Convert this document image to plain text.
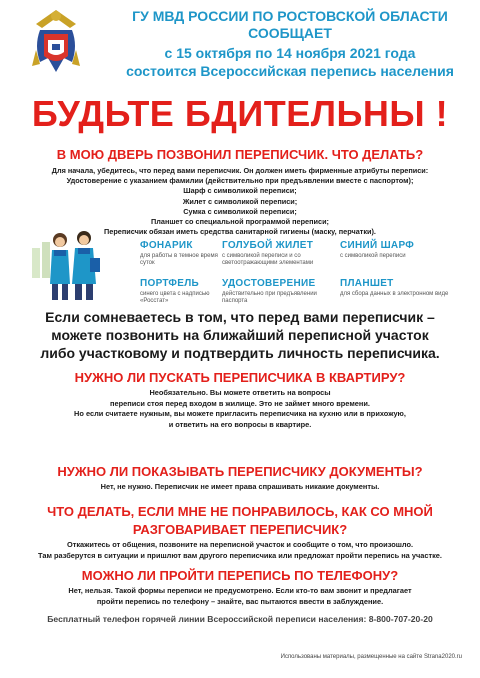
ГУ МВД РОССИИ ПО РОСТОВСКОЙ ОБЛАСТИ
СООБЩАЕТ
с 15 октября по 14 ноября 2021 года
состоится Всероссийская перепись населения
БУДЬТЕ БДИТЕЛЬНЫ !
В МОЮ ДВЕРЬ ПОЗВОНИЛ ПЕРЕПИСЧИК. ЧТО ДЕЛАТЬ?
Для начала, убедитесь, что перед вами переписчик. Он должен иметь фирменные атрибуты переписи:
Удостоверение с указанием фамилии (действительно при предъявлении вместе с паспортом);
Шарф с символикой переписи;
Жилет с символикой переписи;
Сумка с символикой переписи;
Планшет со специальной программой переписи;
Переписчик обязан иметь средства санитарной гигиены (маску, перчатки).
ФОНАРИК
для работы в темное время суток
ГОЛУБОЙ ЖИЛЕТ
с символикой переписи и со светоотражающими элементами
СИНИЙ ШАРФ
с символикой переписи
ПОРТФЕЛЬ
синего цвета с надписью «Росстат»
УДОСТОВЕРЕНИЕ
действительно при предъявлении паспорта
ПЛАНШЕТ
для сбора данных в электронном виде
Если сомневаетесь в том, что перед вами переписчик –
можете позвонить на ближайший переписной участок
либо участковому и подтвердить личность переписчика.
НУЖНО ЛИ ПУСКАТЬ ПЕРЕПИСЧИКА В КВАРТИРУ?
Необязательно. Вы можете ответить на вопросы
переписи стоя перед входом в жилище. Это не займет много времени.
Но если считаете нужным, вы можете пригласить переписчика на кухню или в прихожую,
и ответить на его вопросы в квартире.
НУЖНО ЛИ ПОКАЗЫВАТЬ ПЕРЕПИСЧИКУ ДОКУМЕНТЫ?
Нет, не нужно. Переписчик не имеет права спрашивать никакие документы.
ЧТО ДЕЛАТЬ, ЕСЛИ МНЕ НЕ ПОНРАВИЛОСЬ, КАК СО МНОЙ
РАЗГОВАРИВАЕТ ПЕРЕПИСЧИК?
Откажитесь от общения, позвоните на переписной участок и сообщите о том, что произошло.
Там разберутся в ситуации и пришлют вам другого переписчика или предложат пройти перепись на участке.
МОЖНО ЛИ ПРОЙТИ ПЕРЕПИСЬ ПО ТЕЛЕФОНУ?
Нет, нельзя. Такой формы переписи не предусмотрено. Если кто-то вам звонит и предлагает
пройти перепись по телефону – знайте, вас пытаются ввести в заблуждение.
Бесплатный телефон горячей линии Всероссийской переписи населения: 8-800-707-20-20
Использованы материалы, размещенные на сайте Strana2020.ru
